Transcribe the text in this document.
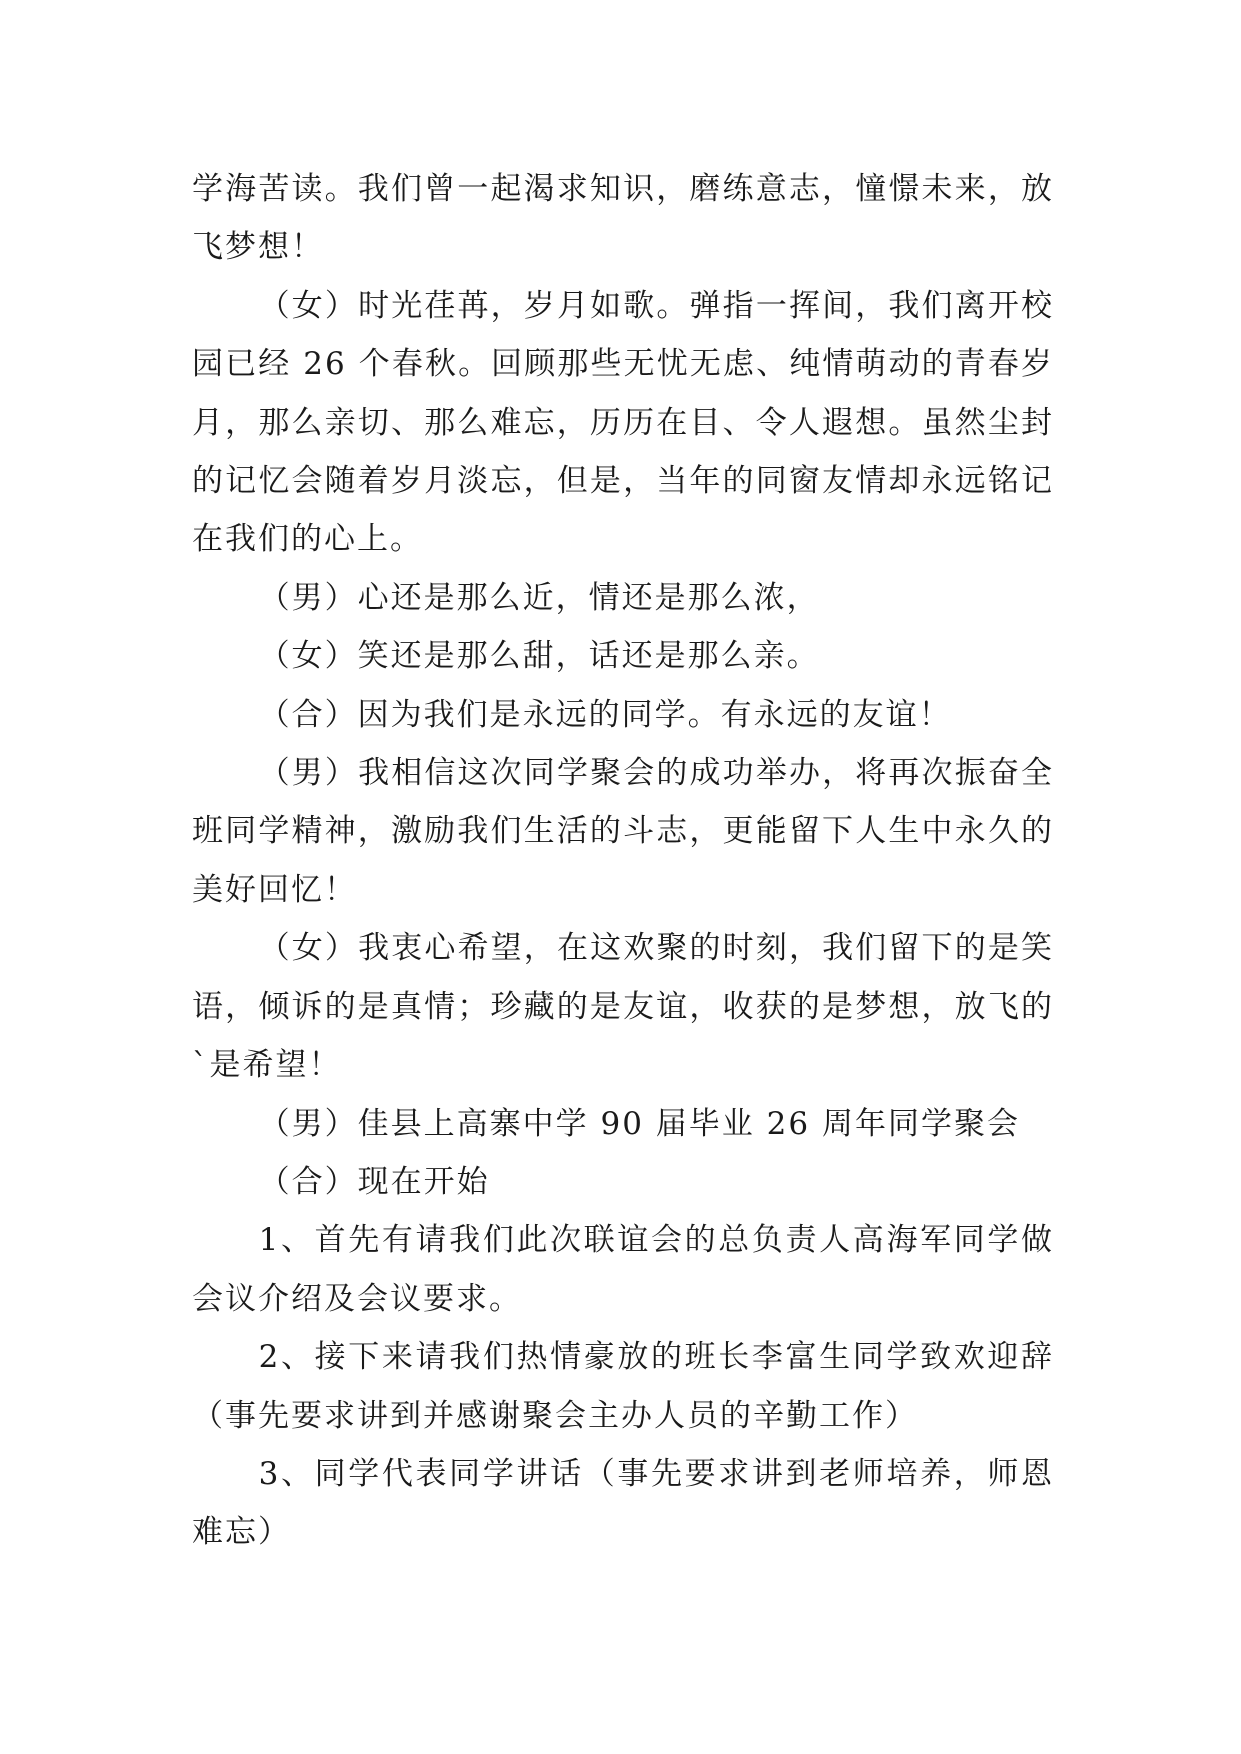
学海苦读。我们曾一起渴求知识，磨练意志，憧憬未来，放飞梦想！

（女）时光荏苒，岁月如歌。弹指一挥间，我们离开校园已经 26 个春秋。回顾那些无忧无虑、纯情萌动的青春岁月，那么亲切、那么难忘，历历在目、令人遐想。虽然尘封的记忆会随着岁月淡忘，但是，当年的同窗友情却永远铭记在我们的心上。

（男）心还是那么近，情还是那么浓，

（女）笑还是那么甜，话还是那么亲。

（合）因为我们是永远的同学。有永远的友谊！

（男）我相信这次同学聚会的成功举办，将再次振奋全班同学精神，激励我们生活的斗志，更能留下人生中永久的美好回忆！

（女）我衷心希望，在这欢聚的时刻，我们留下的是笑语，倾诉的是真情；珍藏的是友谊，收获的是梦想，放飞的`是希望！

（男）佳县上高寨中学 90 届毕业 26 周年同学聚会

（合）现在开始

1、首先有请我们此次联谊会的总负责人高海军同学做会议介绍及会议要求。

2、接下来请我们热情豪放的班长李富生同学致欢迎辞（事先要求讲到并感谢聚会主办人员的辛勤工作）

3、同学代表同学讲话（事先要求讲到老师培养，师恩难忘）
